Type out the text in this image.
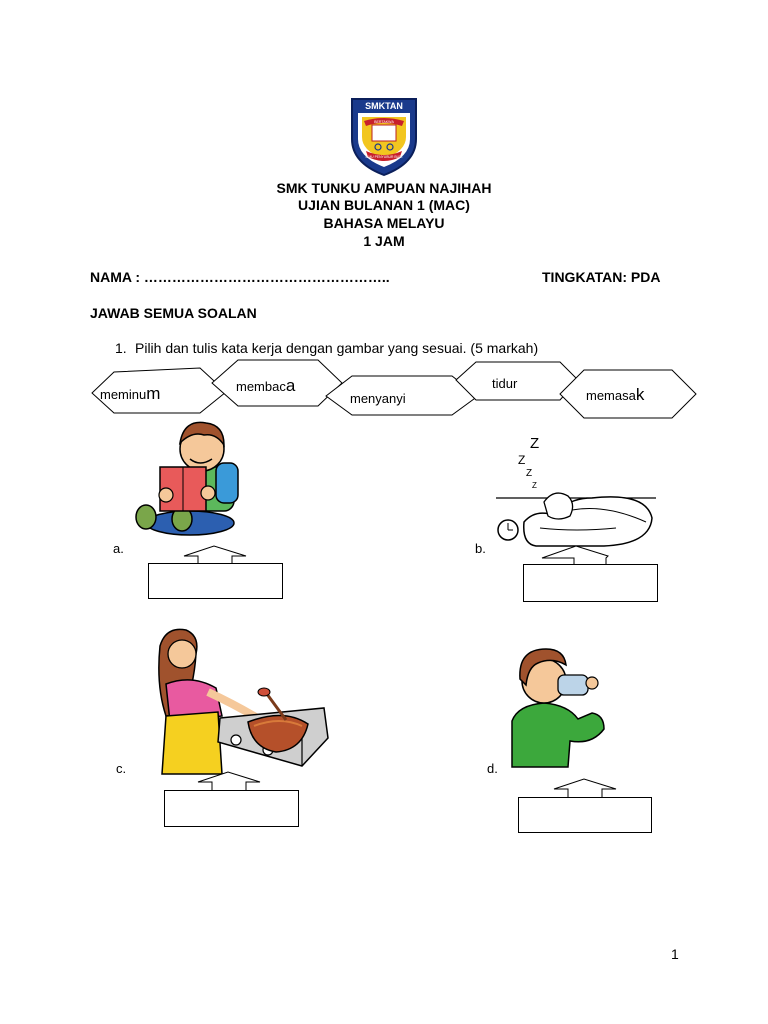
SMKTAN
BERTAKWA
ILMU PENYUBUR BUDI
SMK TUNKU AMPUAN NAJIHAH
UJIAN BULANAN 1 (MAC)
BAHASA MELAYU
1 JAM
NAMA : ……………………………………………..	TINGKATAN: PDA
JAWAB SEMUA SOALAN
1. Pilih dan tulis kata kerja dengan gambar yang sesuai. (5 markah)
meminum	membaca
menyanyi
tidur
memasak
a.
Z
Z
Z
Z
b.
c.	d.
1
